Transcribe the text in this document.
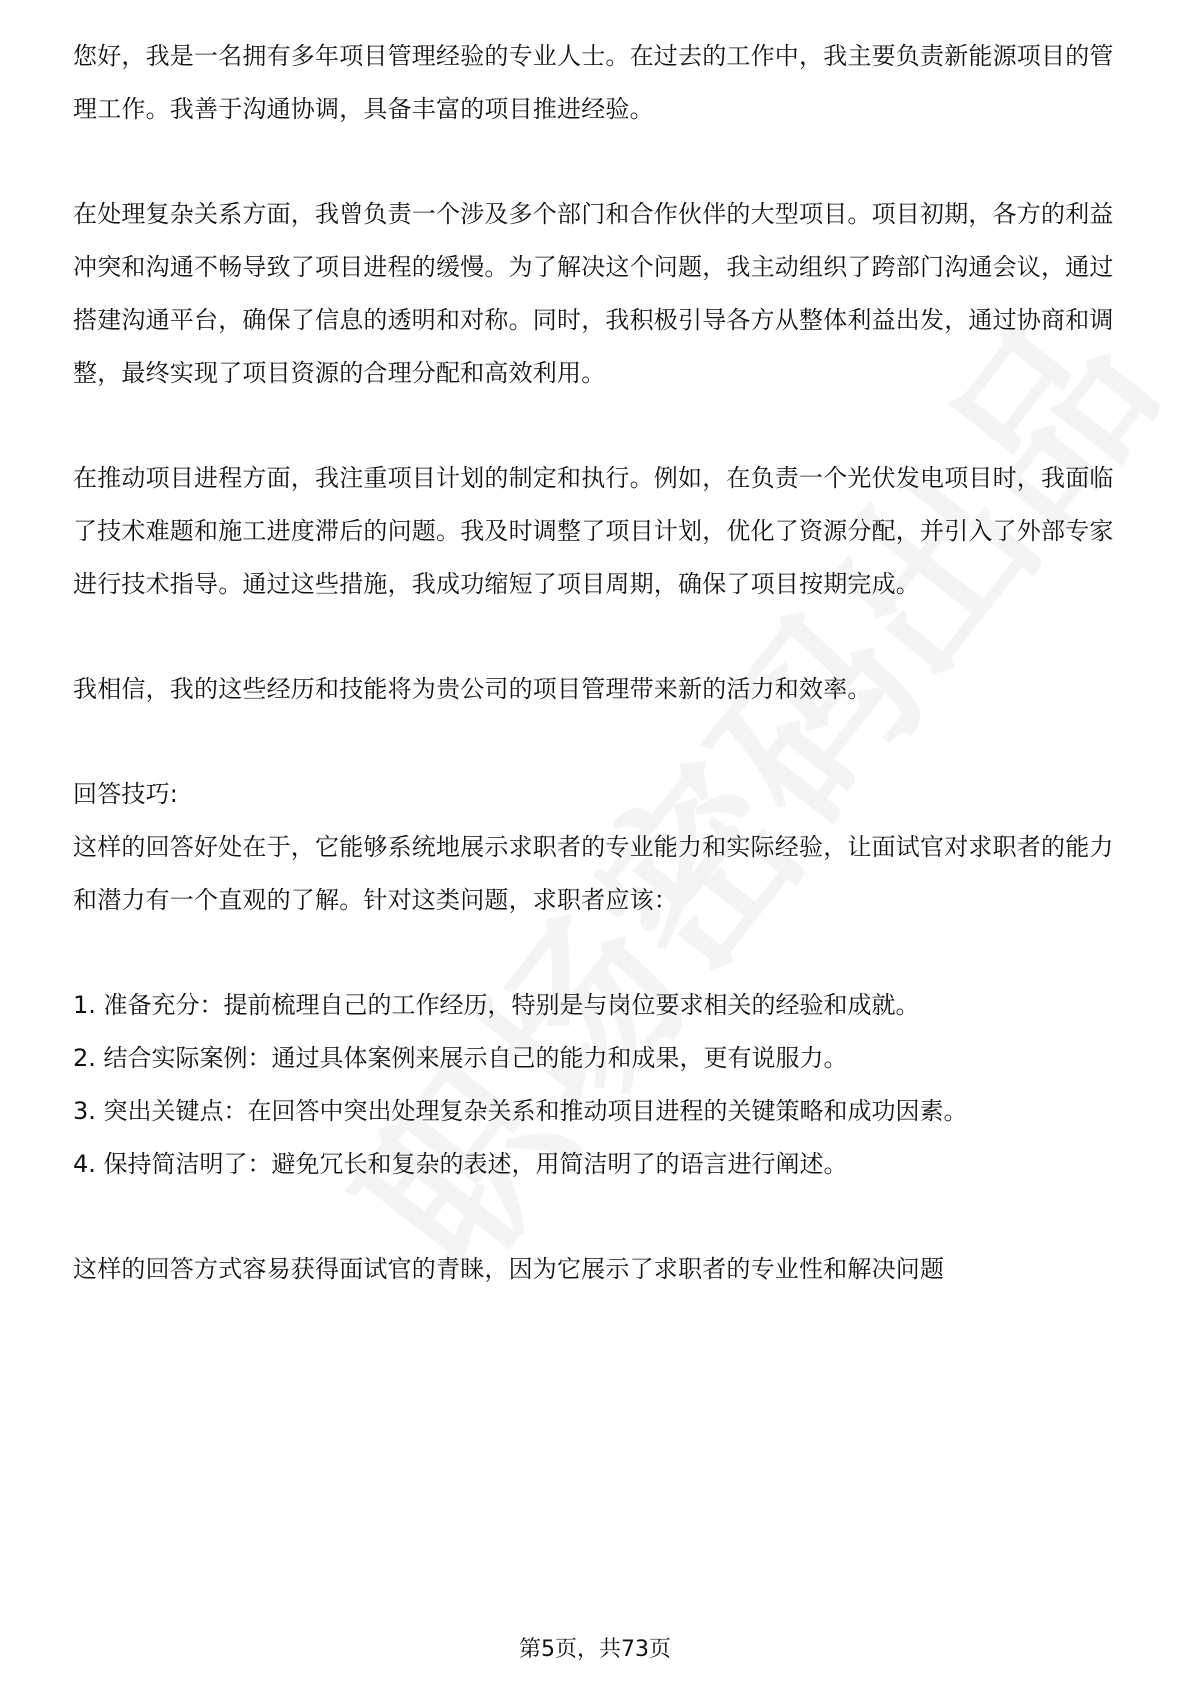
您好，我是一名拥有多年项目管理经验的专业人士。在过去的工作中，我主要负责新能源项目的管理工作。我善于沟通协调，具备丰富的项目推进经验。

在处理复杂关系方面，我曾负责一个涉及多个部门和合作伙伴的大型项目。项目初期，各方的利益冲突和沟通不畅导致了项目进程的缓慢。为了解决这个问题，我主动组织了跨部门沟通会议，通过搭建沟通平台，确保了信息的透明和对称。同时，我积极引导各方从整体利益出发，通过协商和调整，最终实现了项目资源的合理分配和高效利用。

在推动项目进程方面，我注重项目计划的制定和执行。例如，在负责一个光伏发电项目时，我面临了技术难题和施工进度滞后的问题。我及时调整了项目计划，优化了资源分配，并引入了外部专家进行技术指导。通过这些措施，我成功缩短了项目周期，确保了项目按期完成。

我相信，我的这些经历和技能将为贵公司的项目管理带来新的活力和效率。

回答技巧:

这样的回答好处在于，它能够系统地展示求职者的专业能力和实际经验，让面试官对求职者的能力和潜力有一个直观的了解。针对这类问题，求职者应该：

1. 准备充分：提前梳理自己的工作经历，特别是与岗位要求相关的经验和成就。

2. 结合实际案例：通过具体案例来展示自己的能力和成果，更有说服力。

3. 突出关键点：在回答中突出处理复杂关系和推动项目进程的关键策略和成功因素。

4. 保持简洁明了：避免冗长和复杂的表述，用简洁明了的语言进行阐述。

这样的回答方式容易获得面试官的青睐，因为它展示了求职者的专业性和解决问题

第5页，共73页
